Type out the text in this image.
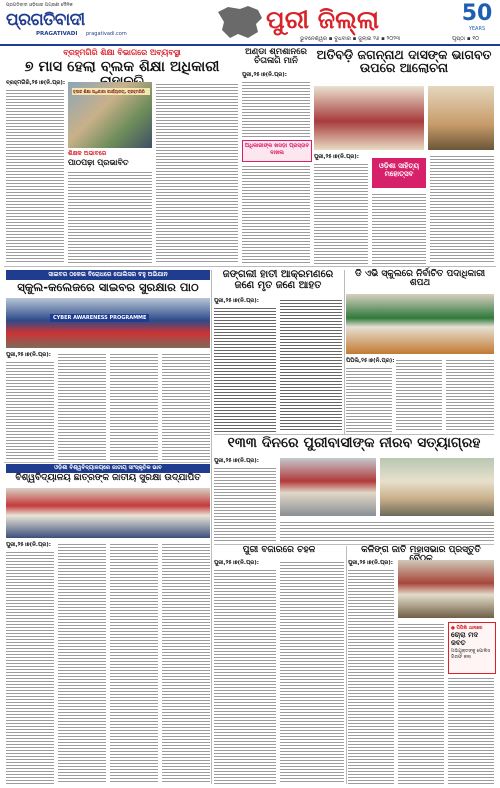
ପ୍ରଗତିବାଦୀ ଓଡ଼ିଶାର ଅଗ୍ରଣୀ ଦୈନିକ
ପ୍ରଗତିବାଦୀ
PRAGATIVADI pragativadi.com	ପୁରୀ ଜିଲ୍ଲା	50
YEARS
ଭୁବନେଶ୍ୱର ▪ ବୁଧବାର ▪ ଜୁଲାଇ ୨୬ ▪ ୨୦୨୩	ପୃଷ୍ଠା ▪ ୧୦
ବ୍ରହ୍ମଗିରି ଶିକ୍ଷା ବିଭାଗରେ ଅବ୍ୟବସ୍ଥା
୭ ମାସ ହେଲା ବ୍ଲକ ଶିକ୍ଷା ଅଧିକାରୀ
ବ୍ରହ୍ମଗିରି,୨୫।୭(ନି.ପ୍ର):
ବ୍ଲକ ଶିକ୍ଷା ଅଧିକାରୀ କାର୍ଯ୍ୟାଳୟ, ବ୍ରହ୍ମଗିରି
ଶିକ୍ଷକ ଅଭାବରେ
ପାଠପଢ଼ା ପ୍ରଭାବିତ
ଅଣ୍ଡା ଶ୍ମଶାନରେ ଚିତାଳାଗି ମାନି
ପୁରୀ,୨୫।୭(ନି.ପ୍ର):
ଅଧିକାରୀଙ୍କ ଖସଡ଼ା ପ୍ରସ୍ତାବ ଦାଖଲ
ଅତିବଡ଼ି ଜଗନ୍ନାଥ ଦାସଙ୍କ ଭାଗବତ ଉପରେ ଆଲୋଚନା
ପୁରୀ,୨୫।୭(ନି.ପ୍ର):
ଓଡ଼ିଶା ସାହିତ୍ୟ ମହୋତ୍ସବ
ସାଇବର ଠକେଇ ବିରୋଧରେ ପୋଲିସର ବହୁ ଅଭିଯାନ
ସ୍କୁଲ-କଲେଜରେ ସାଇବର ସୁରକ୍ଷାର ପାଠ
CYBER AWARENESS PROGRAMME
ପୁରୀ,୨୫।୭(ନି.ପ୍ର):
ଜଙ୍ଗଲୀ ହାତୀ ଆକ୍ରମଣରେ ଜଣେ ମୃତ ଜଣେ ଆହତ
ପୁରୀ,୨୫।୭(ନି.ପ୍ର):
ଡି ଏଭି ସ୍କୁଲରେ ନିର୍ବାଚିତ ପଦାଧିକାରୀ ଶପଥ
ପିପିଲି,୨୫।୭(ନି.ପ୍ର):
୧୩୩ ଦିନରେ ପୁରୀବାସୀଙ୍କ ନୀରବ ସତ୍ୟାଗ୍ରହ
ପୁରୀ,୨୫।୭(ନି.ପ୍ର):
ଓଡ଼ିଶା ବିଶ୍ୱବିଦ୍ୟାଳୟରେ ଜାତୀୟ ସାଂସ୍କୃତିକ ଭାବ
ବିଶ୍ୱବିଦ୍ୟାଳୟ ଛାତ୍ରଙ୍କ ଜାତୀୟ ସୁରକ୍ଷା ଉଦ୍‌ଯାପିତ
ପୁରୀ,୨୫।୭(ନି.ପ୍ର):	ପୁରୀ ବଜାରରେ ଚହଳ
ପୁରୀ,୨୫।୭(ନି.ପ୍ର):
କଳିଙ୍ଗ ଜାତି ମହାସଭାର ପ୍ରସ୍ତୁତି
ପୁରୀ,୨୫।୭(ନି.ପ୍ର):
● ପିପିଲି ଥାନାରେ
ଚୋରା ମଦ ଜବତ
ଅଭିଯୁକ୍ତଙ୍କୁ ପୋଲିସ ଗିରଫ କଲା
